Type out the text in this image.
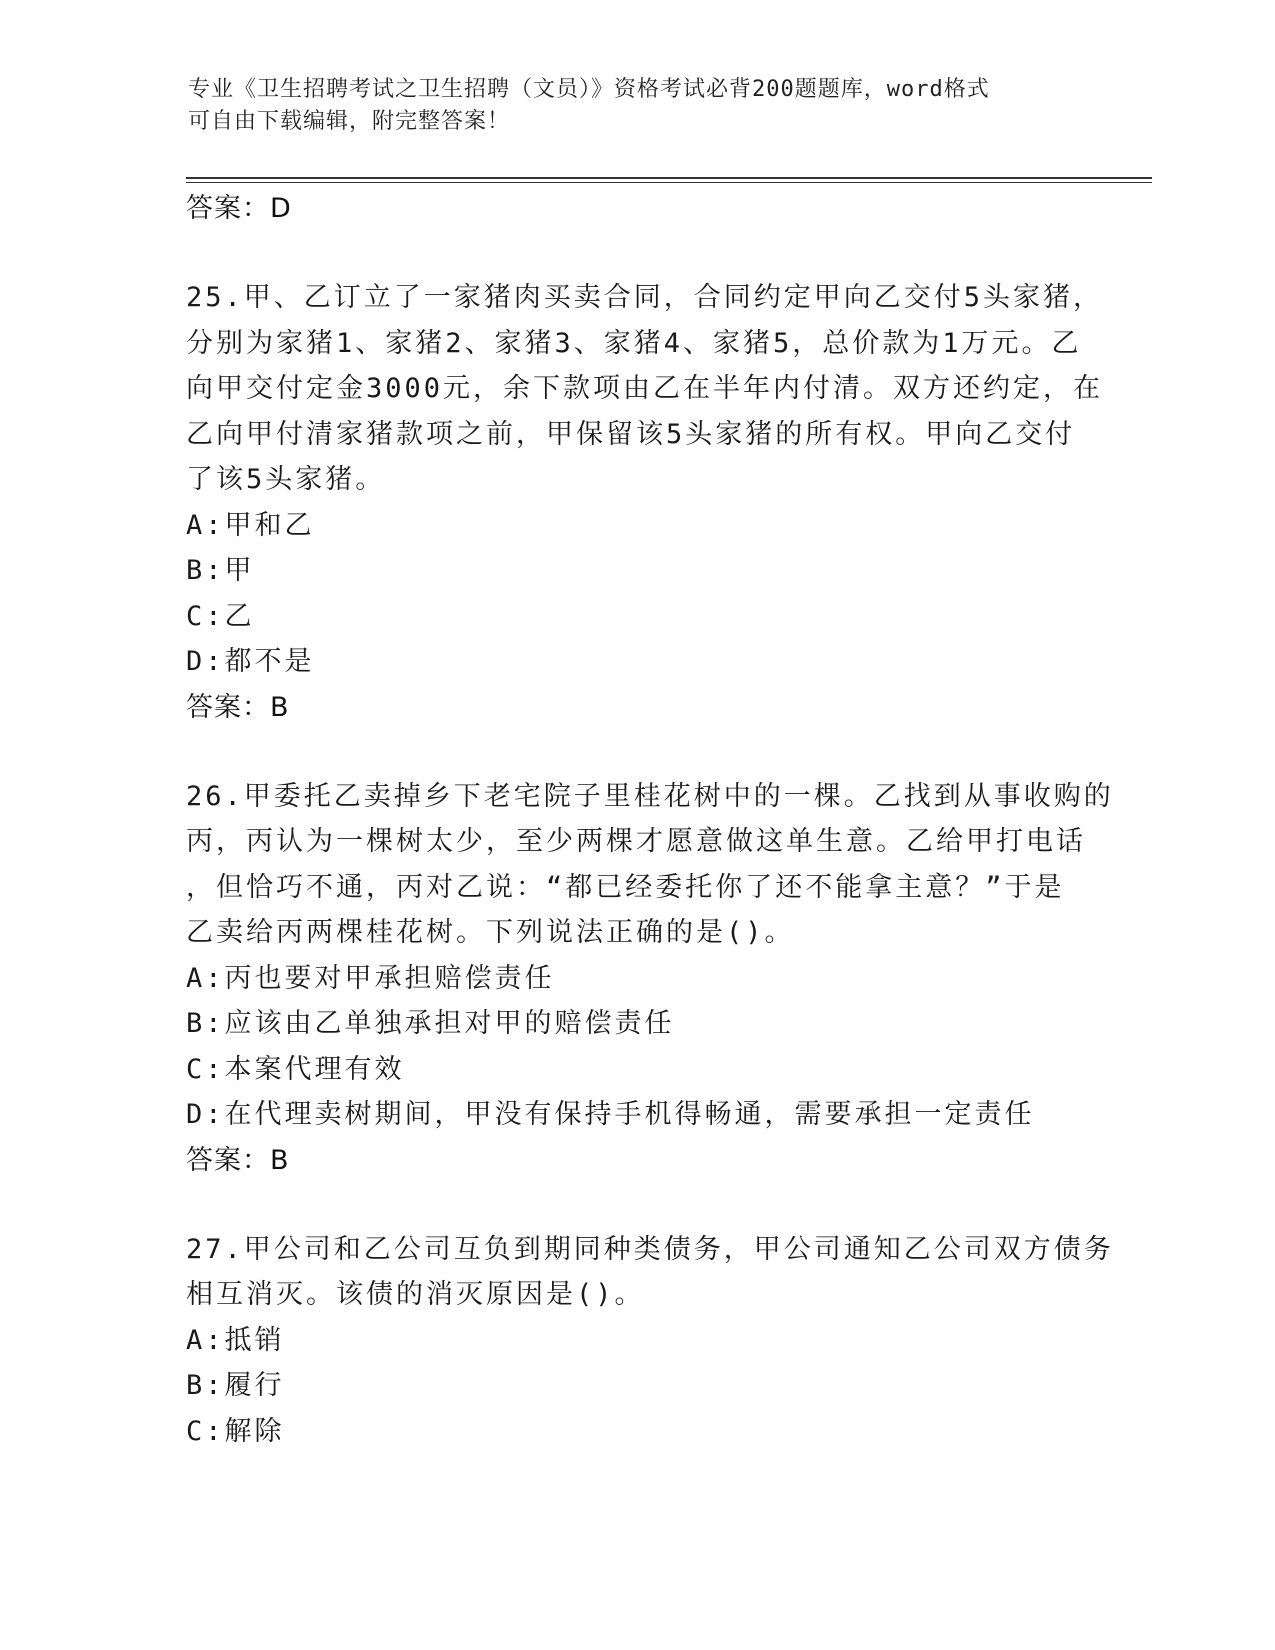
专业《卫生招聘考试之卫生招聘（文员）》资格考试必背200题题库，word格式
可自由下载编辑，附完整答案！
答案：D
25.甲、乙订立了一家猪肉买卖合同，合同约定甲向乙交付5头家猪，
分别为家猪1、家猪2、家猪3、家猪4、家猪5，总价款为1万元。乙
向甲交付定金3000元，余下款项由乙在半年内付清。双方还约定，在
乙向甲付清家猪款项之前，甲保留该5头家猪的所有权。甲向乙交付
了该5头家猪。
A:甲和乙
B:甲
C:乙
D:都不是
答案：B
26.甲委托乙卖掉乡下老宅院子里桂花树中的一棵。乙找到从事收购的
丙，丙认为一棵树太少，至少两棵才愿意做这单生意。乙给甲打电话
，但恰巧不通，丙对乙说：“都已经委托你了还不能拿主意？”于是
乙卖给丙两棵桂花树。下列说法正确的是()。
A:丙也要对甲承担赔偿责任
B:应该由乙单独承担对甲的赔偿责任
C:本案代理有效
D:在代理卖树期间，甲没有保持手机得畅通，需要承担一定责任
答案：B
27.甲公司和乙公司互负到期同种类债务，甲公司通知乙公司双方债务
相互消灭。该债的消灭原因是()。
A:抵销
B:履行
C:解除
